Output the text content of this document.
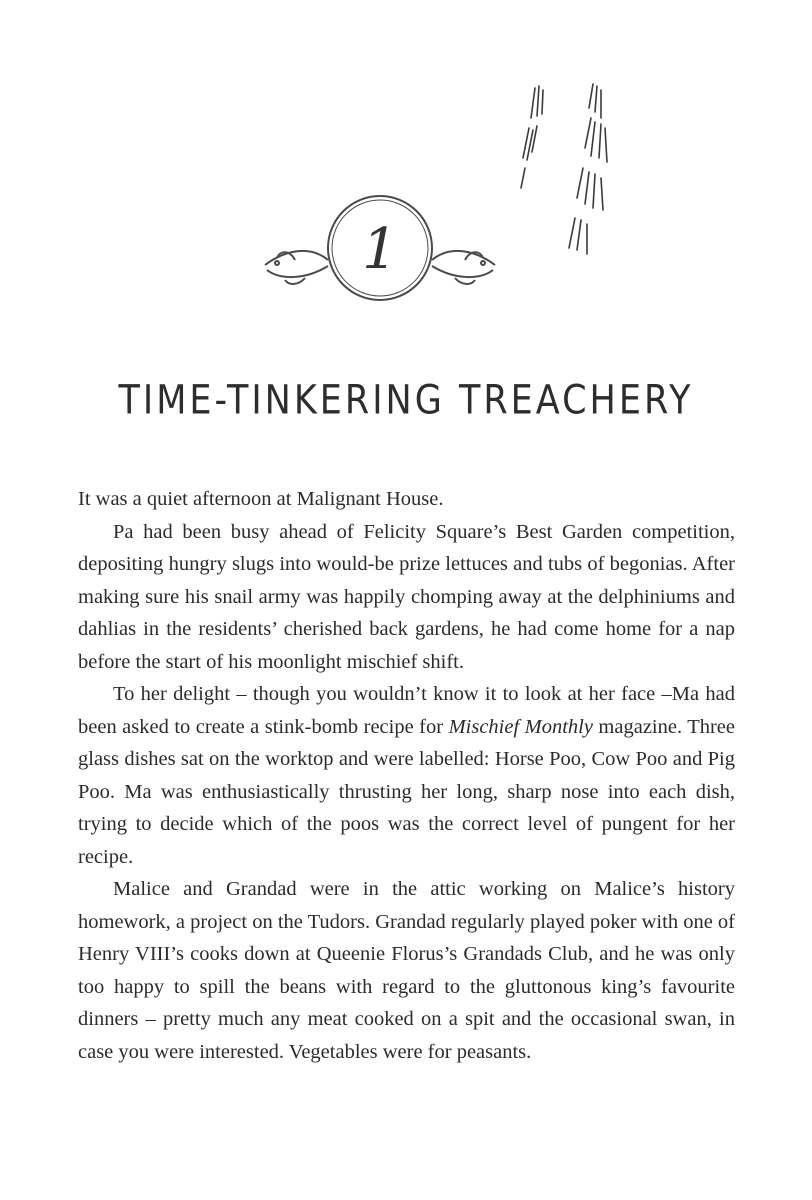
1
TIME-TINKERING TREACHERY

It was a quiet afternoon at Malignant House.

Pa had been busy ahead of Felicity Square’s Best Garden competition, depositing hungry slugs into would-be prize lettuces and tubs of begonias. After making sure his snail army was happily chomping away at the delphiniums and dahlias in the residents’ cherished back gardens, he had come home for a nap before the start of his moonlight mischief shift.

To her delight – though you wouldn’t know it to look at her face –Ma had been asked to create a stink-bomb recipe for Mischief Monthly magazine. Three glass dishes sat on the worktop and were labelled: Horse Poo, Cow Poo and Pig Poo. Ma was enthusiastically thrusting her long, sharp nose into each dish, trying to decide which of the poos was the correct level of pungent for her recipe.

Malice and Grandad were in the attic working on Malice’s history homework, a project on the Tudors. Grandad regularly played poker with one of Henry VIII’s cooks down at Queenie Florus’s Grandads Club, and he was only too happy to spill the beans with regard to the gluttonous king’s favourite dinners – pretty much any meat cooked on a spit and the occasional swan, in case you were interested. Vegetables were for peasants.
